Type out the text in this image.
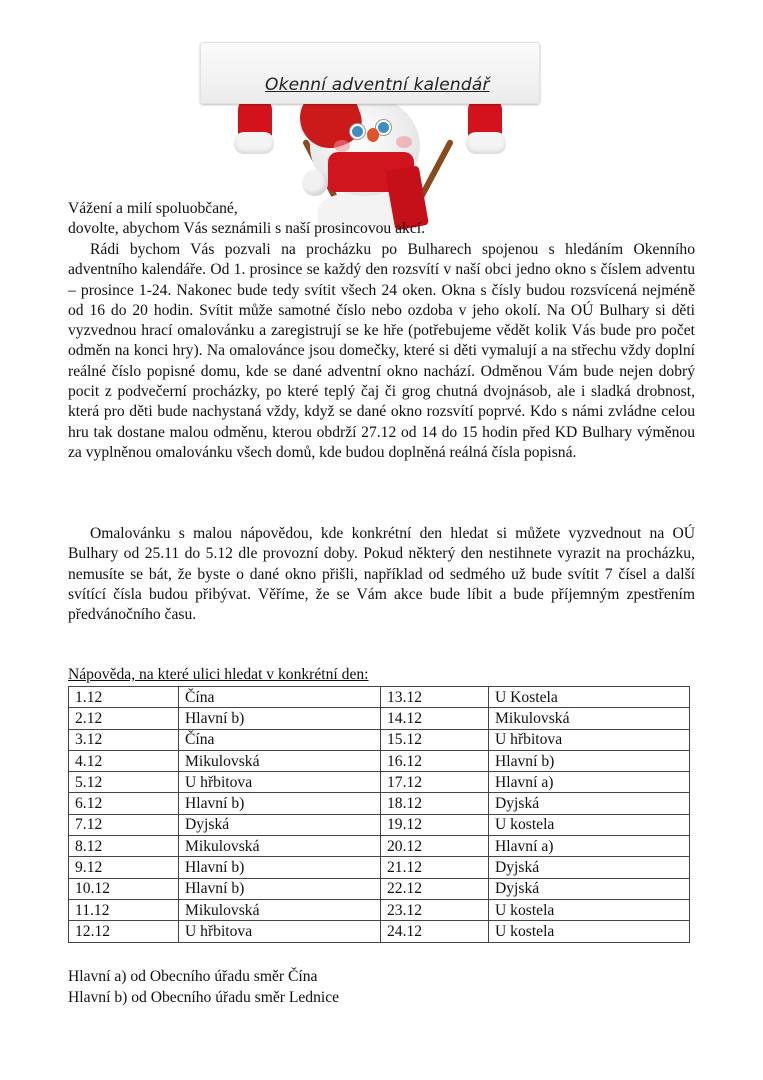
Okenní adventní kalendář
Vážení a milí spoluobčané,
dovolte, abychom Vás seznámili s naší prosincovou akcí.

Rádi bychom Vás pozvali na procházku po Bulharech spojenou s hledáním Okenního adventního kalendáře. Od 1. prosince se každý den rozsvítí v naší obci jedno okno s číslem adventu – prosince 1-24. Nakonec bude tedy svítit všech 24 oken. Okna s čísly budou rozsvícená nejméně od 16 do 20 hodin. Svítit může samotné číslo nebo ozdoba v jeho okolí. Na OÚ Bulhary si děti vyzvednou hrací omalovánku a zaregistrují se ke hře (potřebujeme vědět kolik Vás bude pro počet odměn na konci hry). Na omalovánce jsou domečky, které si děti vymalují a na střechu vždy doplní reálné číslo popisné domu, kde se dané adventní okno nachází. Odměnou Vám bude nejen dobrý pocit z podvečerní procházky, po které teplý čaj či grog chutná dvojnásob, ale i sladká drobnost, která pro děti bude nachystaná vždy, když se dané okno rozsvítí poprvé. Kdo s námi zvládne celou hru tak dostane malou odměnu, kterou obdrží 27.12 od 14 do 15 hodin před KD Bulhary výměnou za vyplněnou omalovánku všech domů, kde budou doplněná reálná čísla popisná.

Omalovánku s malou nápovědou, kde konkrétní den hledat si můžete vyzvednout na OÚ Bulhary od 25.11 do 5.12 dle provozní doby. Pokud některý den nestihnete vyrazit na procházku, nemusíte se bát, že byste o dané okno přišli, například od sedmého už bude svítit 7 čísel a další svítící čísla budou přibývat. Věříme, že se Vám akce bude líbit a bude příjemným zpestřením předvánočního času.

Nápověda, na které ulici hledat v konkrétní den:
1.12	Čína	13.12	U Kostela
2.12	Hlavní b)	14.12	Mikulovská
3.12	Čína	15.12	U hřbitova
4.12	Mikulovská	16.12	Hlavní b)
5.12	U hřbitova	17.12	Hlavní a)
6.12	Hlavní b)	18.12	Dyjská
7.12	Dyjská	19.12	U kostela
8.12	Mikulovská	20.12	Hlavní a)
9.12	Hlavní b)	21.12	Dyjská
10.12	Hlavní b)	22.12	Dyjská
11.12	Mikulovská	23.12	U kostela
12.12	U hřbitova	24.12	U kostela
Hlavní a) od Obecního úřadu směr Čína
Hlavní b) od Obecního úřadu směr Lednice
